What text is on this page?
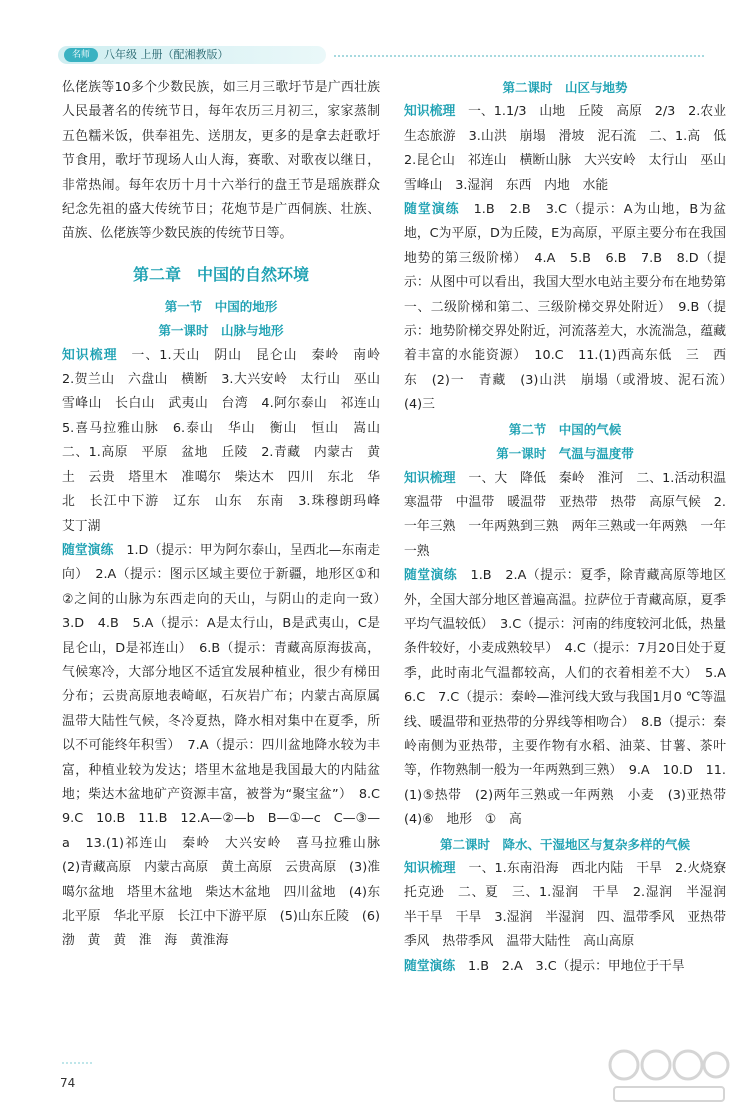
名师	八年级 上册（配湘教版）

仫佬族等10多个少数民族，如三月三歌圩节是广西壮族人民最著名的传统节日，每年农历三月初三，家家蒸制五色糯米饭，供奉祖先、送朋友，更多的是拿去赶歌圩节食用，歌圩节现场人山人海，赛歌、对歌夜以继日，非常热闹。每年农历十月十六举行的盘王节是瑶族群众纪念先祖的盛大传统节日；花炮节是广西侗族、壮族、苗族、仫佬族等少数民族的传统节日等。

第二章　中国的自然环境

第一节　中国的地形

第一课时　山脉与地形

知识梳理　一、1.天山　阴山　昆仑山　秦岭　南岭　2.贺兰山　六盘山　横断　3.大兴安岭　太行山　巫山　雪峰山　长白山　武夷山　台湾　4.阿尔泰山　祁连山　5.喜马拉雅山脉　6.泰山　华山　衡山　恒山　嵩山　二、1.高原　平原　盆地　丘陵　2.青藏　内蒙古　黄土　云贵　塔里木　准噶尔　柴达木　四川　东北　华北　长江中下游　辽东　山东　东南　3.珠穆朗玛峰　艾丁湖

随堂演练　1.D（提示：甲为阿尔泰山，呈西北—东南走向）　2.A（提示：图示区域主要位于新疆，地形区①和②之间的山脉为东西走向的天山，与阴山的走向一致）　3.D　4.B　5.A（提示：A是太行山，B是武夷山，C是昆仑山，D是祁连山）　6.B（提示：青藏高原海拔高，气候寒冷，大部分地区不适宜发展种植业，很少有梯田分布；云贵高原地表崎岖，石灰岩广布；内蒙古高原属温带大陆性气候，冬冷夏热，降水相对集中在夏季，所以不可能终年积雪）　7.A（提示：四川盆地降水较为丰富，种植业较为发达；塔里木盆地是我国最大的内陆盆地；柴达木盆地矿产资源丰富，被誉为“聚宝盆”）　8.C　9.C　10.B　11.B　12.A—②—b　B—①—c　C—③—a　13.(1)祁连山　秦岭　大兴安岭　喜马拉雅山脉　(2)青藏高原　内蒙古高原　黄土高原　云贵高原　(3)准噶尔盆地　塔里木盆地　柴达木盆地　四川盆地　(4)东北平原　华北平原　长江中下游平原　(5)山东丘陵　(6)渤　黄　黄　淮　海　黄淮海

第二课时　山区与地势

知识梳理　一、1.1/3　山地　丘陵　高原　2/3　2.农业　生态旅游　3.山洪　崩塌　滑坡　泥石流　二、1.高　低　2.昆仑山　祁连山　横断山脉　大兴安岭　太行山　巫山　雪峰山　3.湿润　东西　内地　水能

随堂演练　1.B　2.B　3.C（提示：A为山地，B为盆地，C为平原，D为丘陵，E为高原，平原主要分布在我国地势的第三级阶梯）　4.A　5.B　6.B　7.B　8.D（提示：从图中可以看出，我国大型水电站主要分布在地势第一、二级阶梯和第二、三级阶梯交界处附近）　9.B（提示：地势阶梯交界处附近，河流落差大，水流湍急，蕴藏着丰富的水能资源）　10.C　11.(1)西高东低　三　西　东　(2)一　青藏　(3)山洪　崩塌（或滑坡、泥石流）　(4)三

第二节　中国的气候

第一课时　气温与温度带

知识梳理　一、大　降低　秦岭　淮河　二、1.活动积温　寒温带　中温带　暖温带　亚热带　热带　高原气候　2.一年三熟　一年两熟到三熟　两年三熟或一年两熟　一年一熟

随堂演练　1.B　2.A（提示：夏季，除青藏高原等地区外，全国大部分地区普遍高温。拉萨位于青藏高原，夏季平均气温较低）　3.C（提示：河南的纬度较河北低，热量条件较好，小麦成熟较早）　4.C（提示：7月20日处于夏季，此时南北气温都较高，人们的衣着相差不大）　5.A　6.C　7.C（提示：秦岭—淮河线大致与我国1月0 ℃等温线、暖温带和亚热带的分界线等相吻合）　8.B（提示：秦岭南侧为亚热带，主要作物有水稻、油菜、甘薯、茶叶等，作物熟制一般为一年两熟到三熟）　9.A　10.D　11.(1)⑤热带　(2)两年三熟或一年两熟　小麦　(3)亚热带　(4)⑥　地形　①　高

第二课时　降水、干湿地区与复杂多样的气候

知识梳理　一、1.东南沿海　西北内陆　干旱　2.火烧寮　托克逊　二、夏　三、1.湿润　干旱　2.湿润　半湿润　半干旱　干旱　3.湿润　半湿润　四、温带季风　亚热带季风　热带季风　温带大陆性　高山高原

随堂演练　1.B　2.A　3.C（提示：甲地位于干旱

74
